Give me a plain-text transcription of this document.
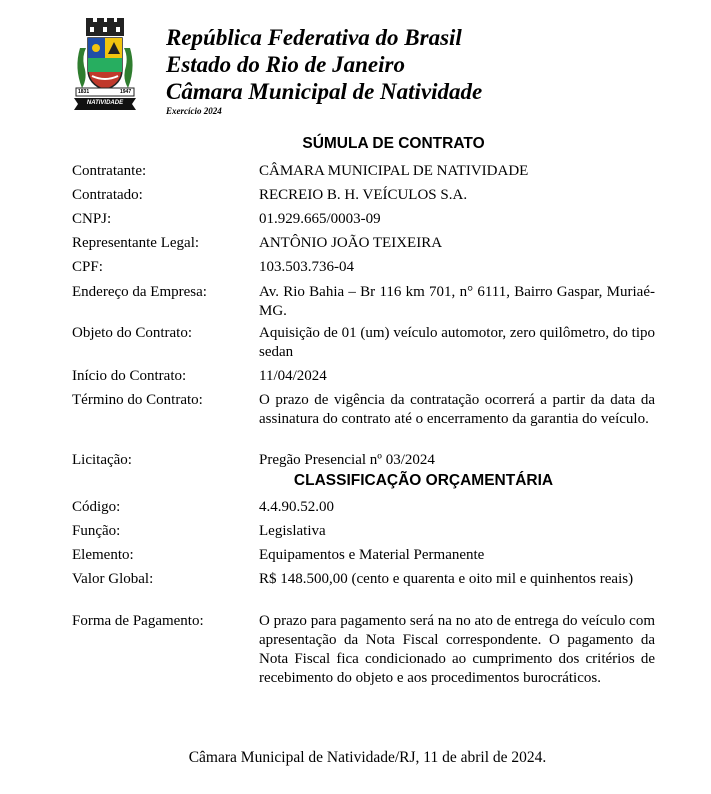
1831	1947
NATIVIDADE
República Federativa do Brasil
Estado do Rio de Janeiro
Câmara Municipal de Natividade
Exercício 2024
SÚMULA DE CONTRATO
Contratante:	CÂMARA MUNICIPAL DE NATIVIDADE
Contratado:	RECREIO B. H. VEÍCULOS S.A.
CNPJ:	01.929.665/0003-09
Representante Legal:	ANTÔNIO JOÃO TEIXEIRA
CPF:	103.503.736-04
Endereço da Empresa:	Av. Rio Bahia – Br 116 km 701, n° 6111, Bairro Gaspar, Muriaé-MG.
Objeto do Contrato:	Aquisição de 01 (um) veículo automotor, zero quilômetro, do tipo sedan
Início do Contrato:	11/04/2024
Término do Contrato:	O prazo de vigência da contratação ocorrerá a partir da data da assinatura do contrato até o encerramento da garantia do veículo.
Licitação:	Pregão Presencial nº 03/2024
CLASSIFICAÇÃO ORÇAMENTÁRIA
Código:	4.4.90.52.00
Função:	Legislativa
Elemento:	Equipamentos e Material Permanente
Valor Global:	R$ 148.500,00 (cento e quarenta e oito mil e quinhentos reais)
Forma de Pagamento:	O prazo para pagamento será na no ato de entrega do veículo com apresentação da Nota Fiscal correspondente. O pagamento da Nota Fiscal fica condicionado ao cumprimento dos critérios de recebimento do objeto e aos procedimentos burocráticos.
Câmara Municipal de Natividade/RJ, 11 de abril de 2024.
